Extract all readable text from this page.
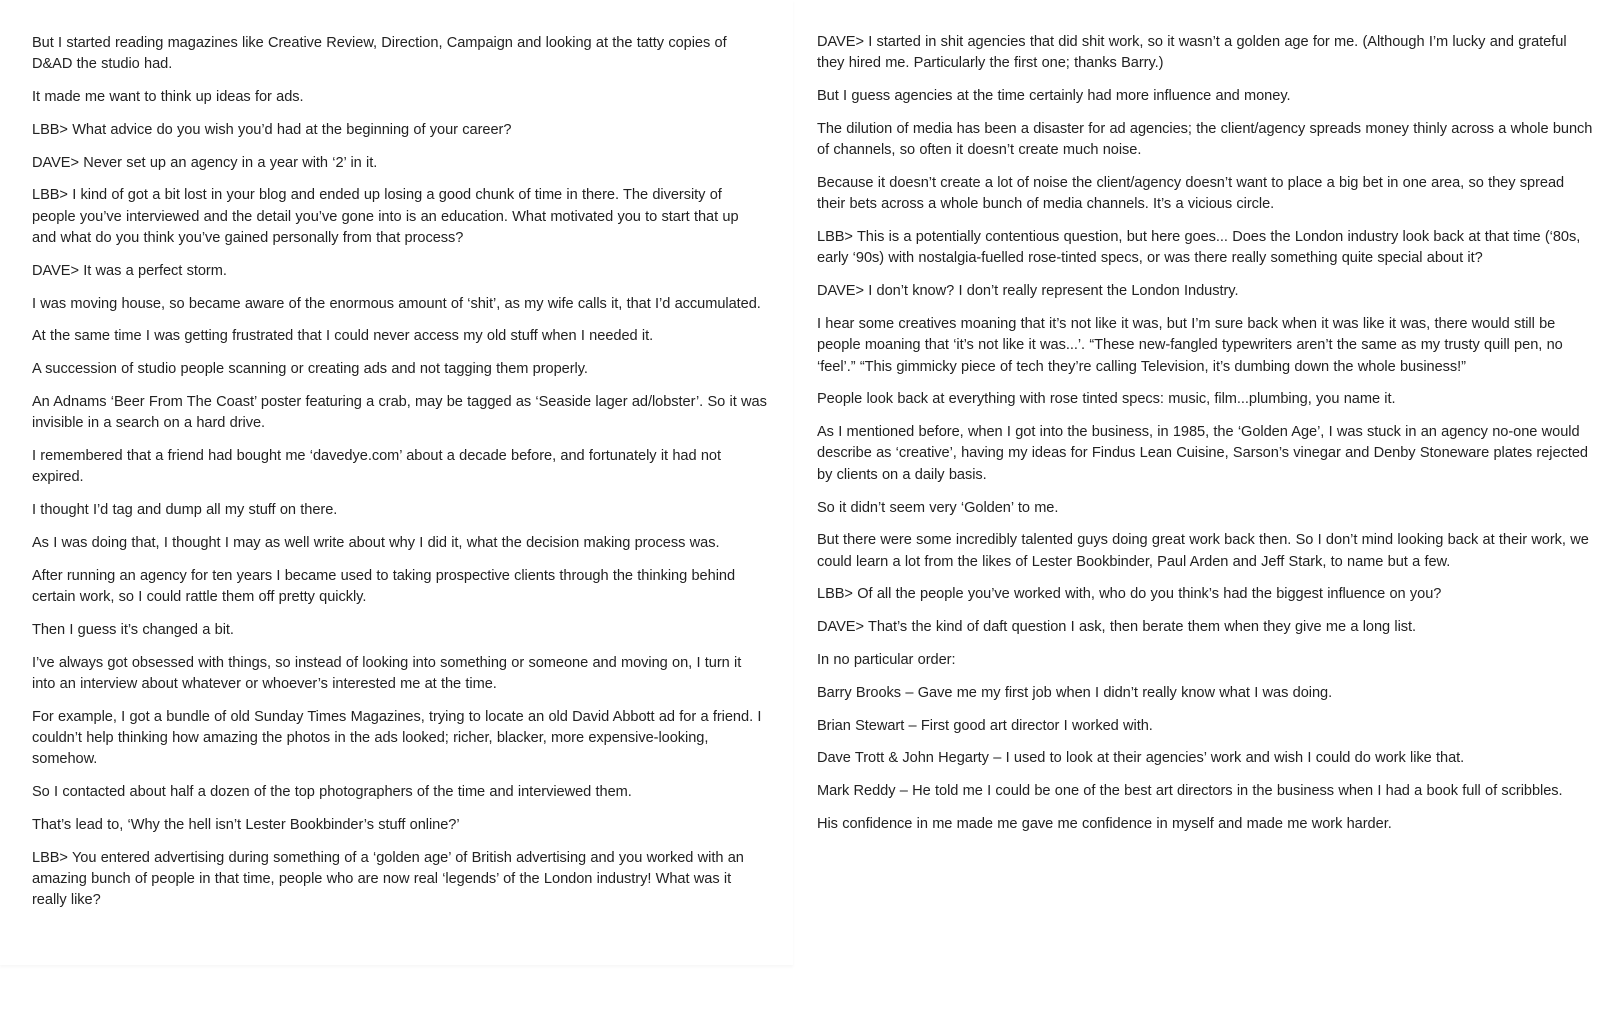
But I started reading magazines like Creative Review, Direction, Campaign and looking at the tatty copies of D&AD the studio had.

It made me want to think up ideas for ads.

LBB> What advice do you wish you’d had at the beginning of your career?

DAVE> Never set up an agency in a year with ‘2’ in it.

LBB> I kind of got a bit lost in your blog and ended up losing a good chunk of time in there. The diversity of people you’ve interviewed and the detail you’ve gone into is an education. What motivated you to start that up and what do you think you’ve gained personally from that process?

DAVE> It was a perfect storm.

I was moving house, so became aware of the enormous amount of ‘shit’, as my wife calls it, that I’d accumulated.

At the same time I was getting frustrated that I could never access my old stuff when I needed it.

A succession of studio people scanning or creating ads and not tagging them properly.

An Adnams ‘Beer From The Coast’ poster featuring a crab, may be tagged as ‘Seaside lager ad/lobster’. So it was invisible in a search on a hard drive.

I remembered that a friend had bought me ‘davedye.com’ about a decade before, and fortunately it had not expired.

I thought I’d tag and dump all my stuff on there.

As I was doing that, I thought I may as well write about why I did it, what the decision making process was.

After running an agency for ten years I became used to taking prospective clients through the thinking behind certain work, so I could rattle them off pretty quickly.

Then I guess it’s changed a bit.

I’ve always got obsessed with things, so instead of looking into something or someone and moving on, I turn it into an interview about whatever or whoever’s interested me at the time.

For example, I got a bundle of old Sunday Times Magazines, trying to locate an old David Abbott ad for a friend. I couldn’t help thinking how amazing the photos in the ads looked; richer, blacker, more expensive-looking, somehow.

So I contacted about half a dozen of the top photographers of the time and interviewed them.

That’s lead to, ‘Why the hell isn’t Lester Bookbinder’s stuff online?’

LBB> You entered advertising during something of a ‘golden age’ of British advertising and you worked with an amazing bunch of people in that time, people who are now real ‘legends’ of the London industry! What was it really like?

DAVE> I started in shit agencies that did shit work, so it wasn’t a golden age for me. (Although I’m lucky and grateful they hired me. Particularly the first one; thanks Barry.)

But I guess agencies at the time certainly had more influence and money.

The dilution of media has been a disaster for ad agencies; the client/agency spreads money thinly across a whole bunch of channels, so often it doesn’t create much noise.

Because it doesn’t create a lot of noise the client/agency doesn’t want to place a big bet in one area, so they spread their bets across a whole bunch of media channels. It’s a vicious circle.

LBB> This is a potentially contentious question, but here goes... Does the London industry look back at that time (‘80s, early ‘90s) with nostalgia-fuelled rose-tinted specs, or was there really something quite special about it?

DAVE> I don’t know? I don’t really represent the London Industry.

I hear some creatives moaning that it’s not like it was, but I’m sure back when it was like it was, there would still be people moaning that ‘it’s not like it was...’. “These new-fangled typewriters aren’t the same as my trusty quill pen, no ‘feel’.” “This gimmicky piece of tech they’re calling Television, it’s dumbing down the whole business!”

People look back at everything with rose tinted specs: music, film...plumbing, you name it.

As I mentioned before, when I got into the business, in 1985, the ‘Golden Age’, I was stuck in an agency no-one would describe as ‘creative’, having my ideas for Findus Lean Cuisine, Sarson’s vinegar and Denby Stoneware plates rejected by clients on a daily basis.

So it didn’t seem very ‘Golden’ to me.

But there were some incredibly talented guys doing great work back then. So I don’t mind looking back at their work, we could learn a lot from the likes of Lester Bookbinder, Paul Arden and Jeff Stark, to name but a few.

LBB> Of all the people you’ve worked with, who do you think’s had the biggest influence on you?

DAVE> That’s the kind of daft question I ask, then berate them when they give me a long list.

In no particular order:

Barry Brooks – Gave me my first job when I didn’t really know what I was doing.

Brian Stewart – First good art director I worked with.

Dave Trott & John Hegarty – I used to look at their agencies’ work and wish I could do work like that.

Mark Reddy – He told me I could be one of the best art directors in the business when I had a book full of scribbles.

His confidence in me made me gave me confidence in myself and made me work harder.
